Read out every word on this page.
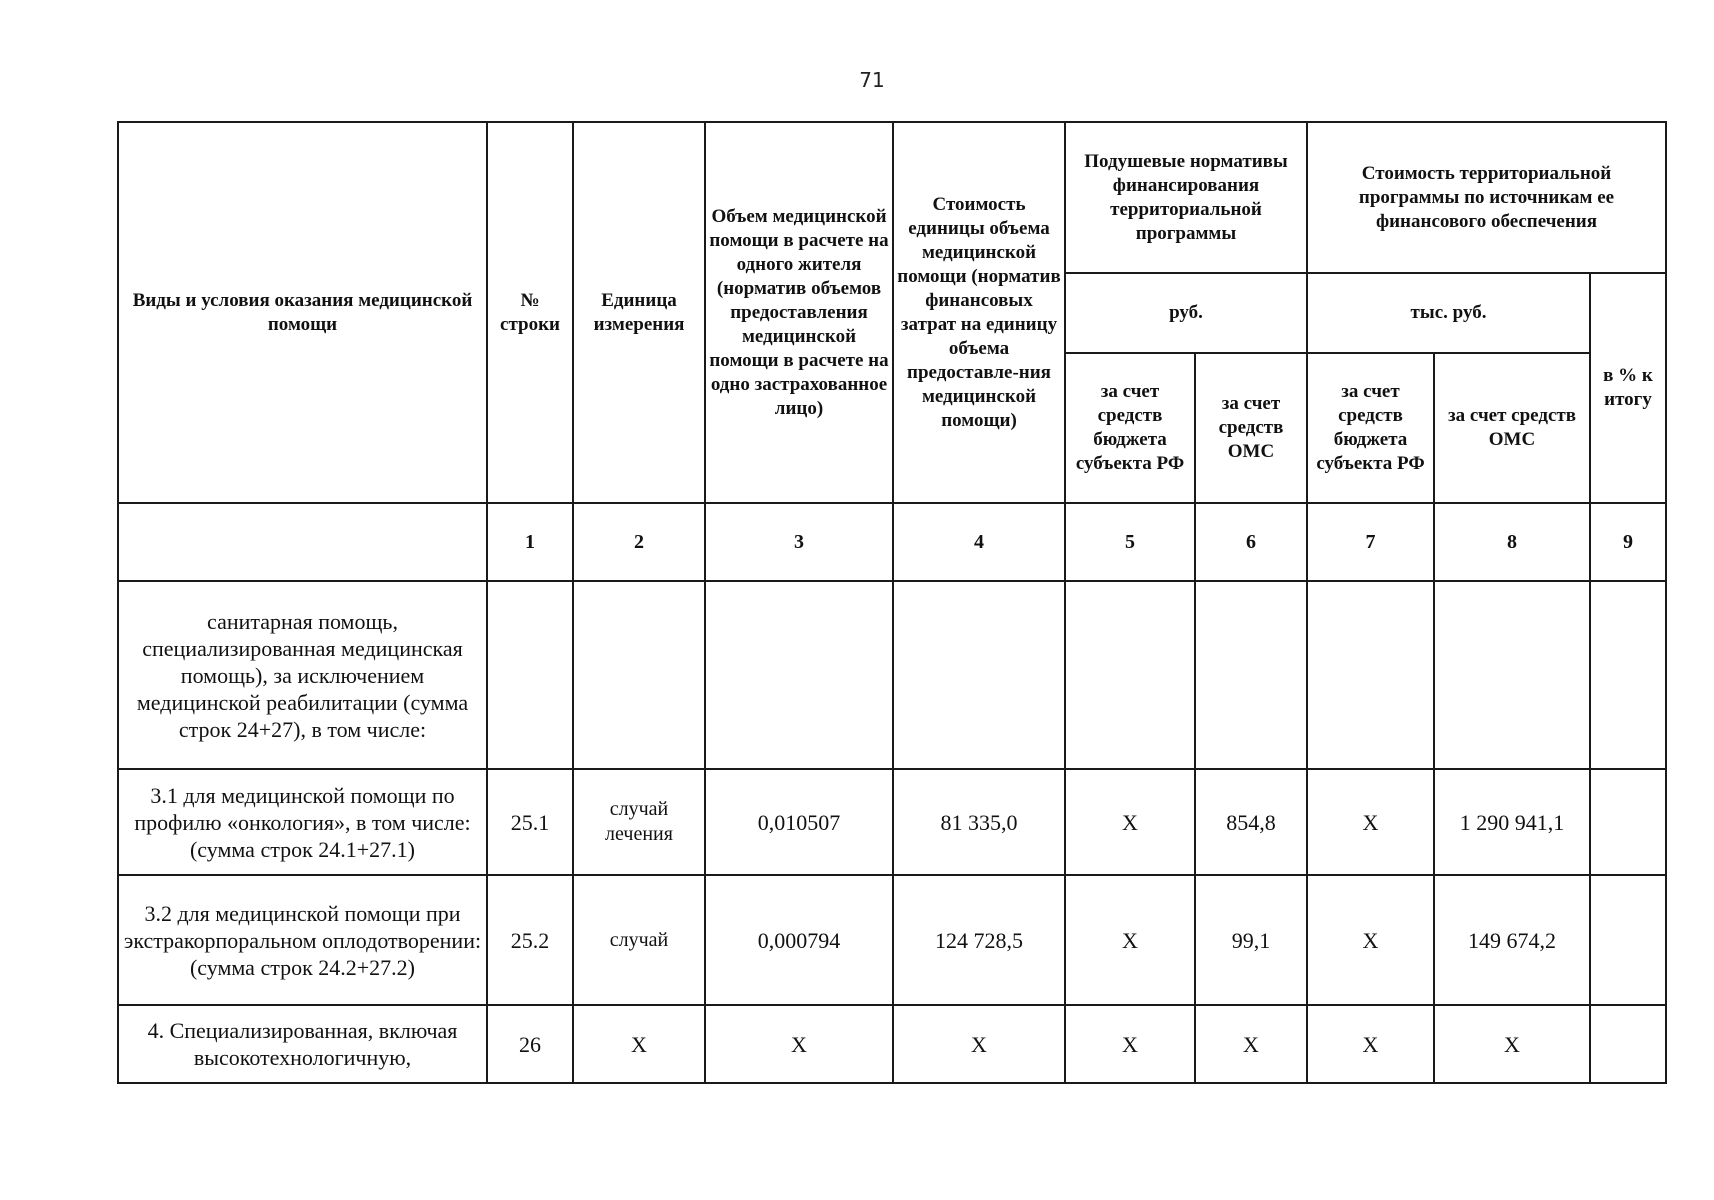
71
Виды и условия оказания медицинской помощи	№ строки	Единица измерения	Объем медицинской помощи в расчете на одного жителя (норматив объемов предоставления медицинской помощи в расчете на одно застрахованное лицо)	Стоимость единицы объема медицинской помощи (норматив финансовых затрат на единицу объема предоставле-ния медицинской помощи)	Подушевые нормативы финансирования территориальной программы		Стоимость территориальной программы по источникам ее финансового обеспечения		
					руб.		тыс. руб.		в % к итогу
					за счет средств бюджета субъекта РФ	за счет средств ОМС	за счет средств бюджета субъекта РФ	за счет средств ОМС	
	1	2	3	4	5	6	7	8	9
санитарная помощь, специализированная медицинская помощь), за исключением медицинской реабилитации (сумма строк 24+27), в том числе:									
3.1 для медицинской помощи по профилю «онкология», в том числе: (сумма строк 24.1+27.1)	25.1	случай лечения	0,010507	81 335,0	X	854,8	X	1 290 941,1	
3.2 для медицинской помощи при экстракорпоральном оплодотворении: (сумма строк 24.2+27.2)	25.2	случай	0,000794	124 728,5	X	99,1	X	149 674,2	
4. Специализированная, включая высокотехнологичную,	26	X	X	X	X	X	X	X	
